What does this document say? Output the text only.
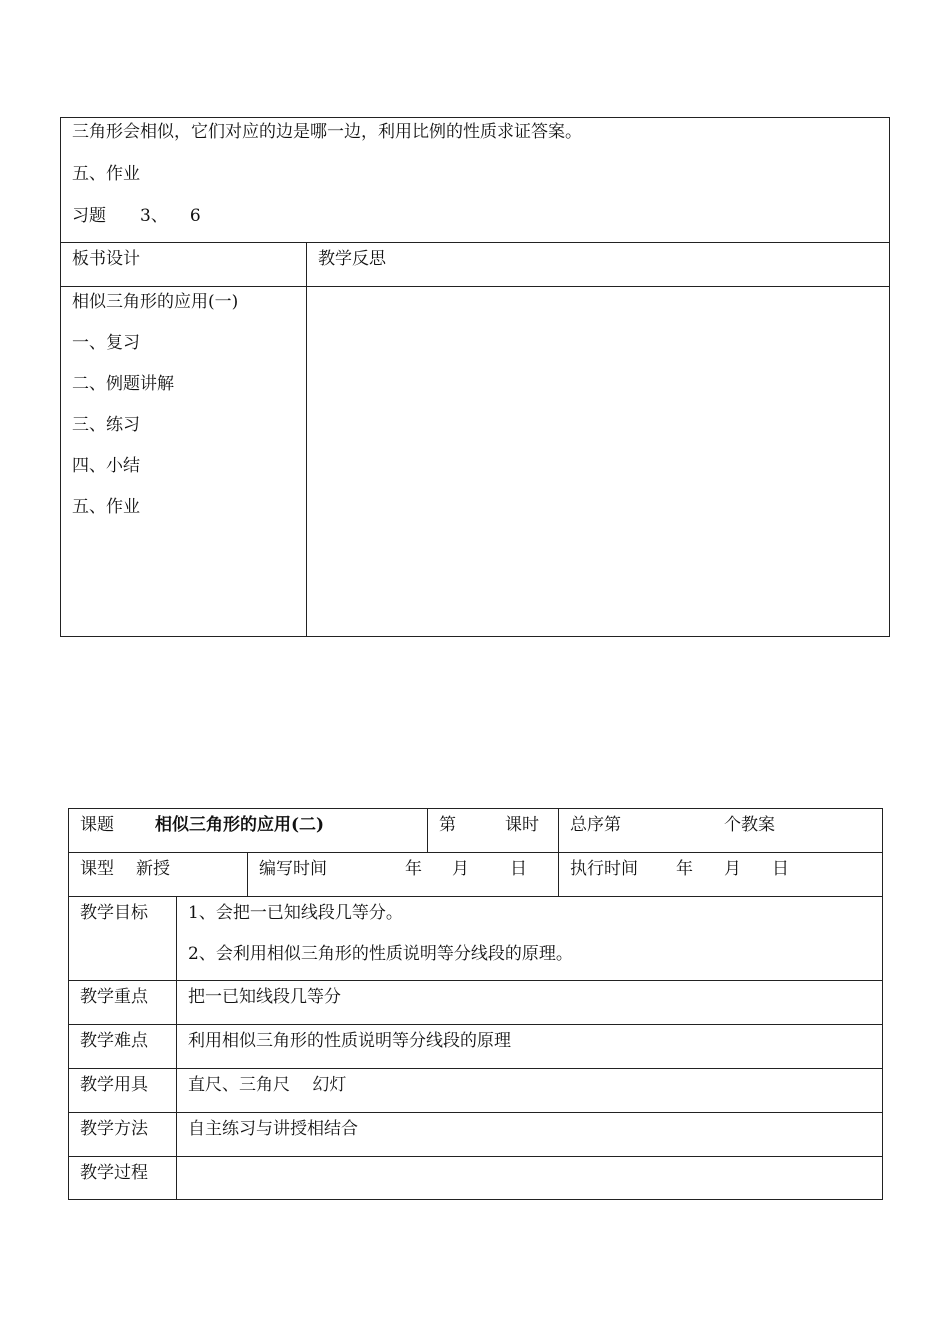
三角形会相似，它们对应的边是哪一边，利用比例的性质求证答案。
五、作业
习题 3、 6
板书设计	教学反思
相似三角形的应用(一)
一、复习
二、例题讲解
三、练习
四、小结
五、作业
课题 相似三角形的应用(二)	第	课时 总序第	个教案
课型 新授	编写时间	年 月 日	执行时间 年 月 日
教学目标 1、会把一已知线段几等分。
2、会利用相似三角形的性质说明等分线段的原理。
教学重点 把一已知线段几等分
教学难点 利用相似三角形的性质说明等分线段的原理
教学用具 直尺、三角尺　 幻灯
教学方法 自主练习与讲授相结合
教学过程
